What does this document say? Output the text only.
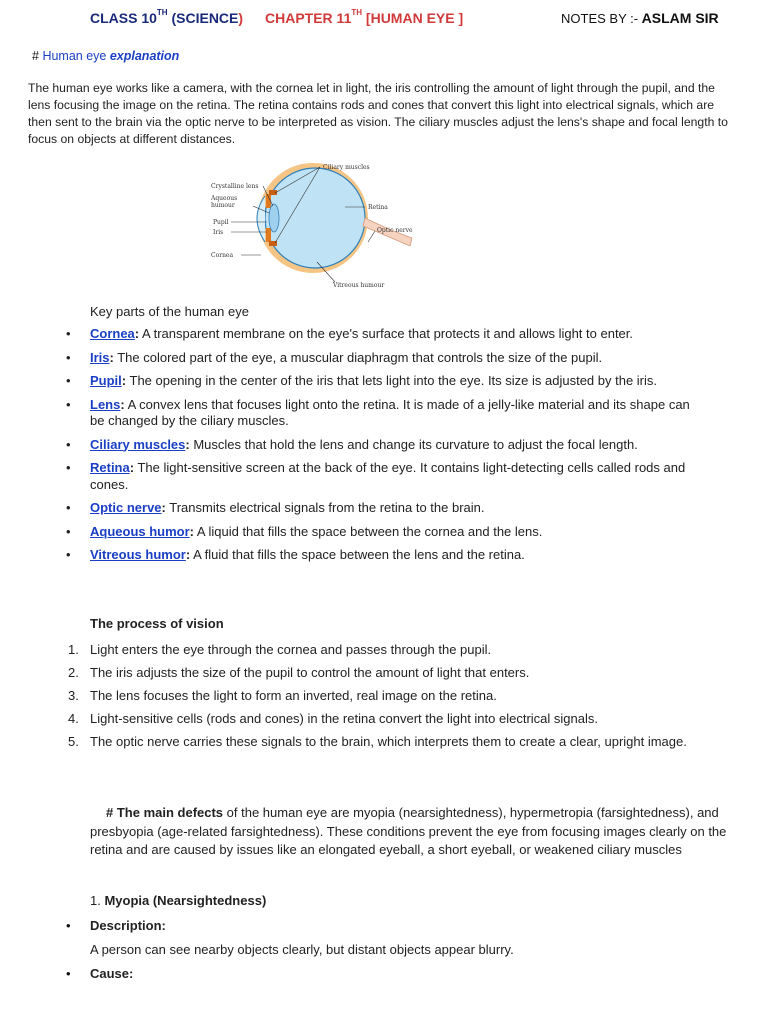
CLASS 10TH (SCIENCE) CHAPTER 11TH [HUMAN EYE ]	NOTES BY :- ASLAM SIR
# Human eye explanation
The human eye works like a camera, with the cornea let in light, the iris controlling the amount of light through the pupil, and the lens focusing the image on the retina. The retina contains rods and cones that convert this light into electrical signals, which are then sent to the brain via the optic nerve to be interpreted as vision. The ciliary muscles adjust the lens's shape and focal length to focus on objects at different distances.
Ciliary muscles
Crystalline lens
Aqueous
humour
Pupil
Iris
Cornea
Retina
Optic nerve
Vitreous humour
Key parts of the human eye
• Cornea: A transparent membrane on the eye's surface that protects it and allows light to enter.
• Iris: The colored part of the eye, a muscular diaphragm that controls the size of the pupil.
• Pupil: The opening in the center of the iris that lets light into the eye. Its size is adjusted by the iris.
• Lens: A convex lens that focuses light onto the retina. It is made of a jelly-like material and its shape can be changed by the ciliary muscles.
• Ciliary muscles: Muscles that hold the lens and change its curvature to adjust the focal length.
• Retina: The light-sensitive screen at the back of the eye. It contains light-detecting cells called rods and cones.
• Optic nerve: Transmits electrical signals from the retina to the brain.
• Aqueous humor: A liquid that fills the space between the cornea and the lens.
• Vitreous humor: A fluid that fills the space between the lens and the retina.
The process of vision
1. Light enters the eye through the cornea and passes through the pupil.
2. The iris adjusts the size of the pupil to control the amount of light that enters.
3. The lens focuses the light to form an inverted, real image on the retina.
4. Light-sensitive cells (rods and cones) in the retina convert the light into electrical signals.
5. The optic nerve carries these signals to the brain, which interprets them to create a clear, upright image.
# The main defects of the human eye are myopia (nearsightedness), hypermetropia (farsightedness), and presbyopia (age-related farsightedness). These conditions prevent the eye from focusing images clearly on the retina and are caused by issues like an elongated eyeball, a short eyeball, or weakened ciliary muscles
1. Myopia (Nearsightedness)
• Description:
A person can see nearby objects clearly, but distant objects appear blurry.
• Cause:
